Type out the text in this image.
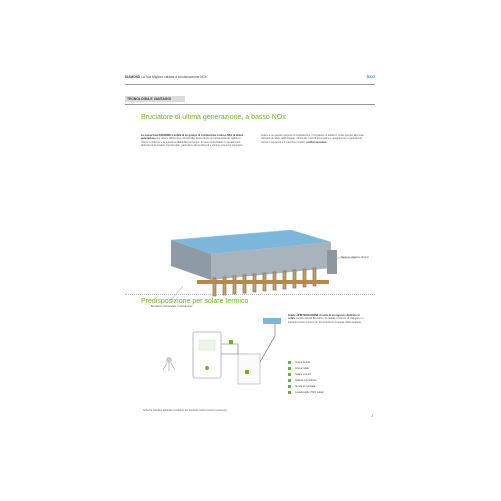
DIAMOND La Sua Migliore caldaia a condensazione NOx	baxi
TECNOLOGIA E VANTAGGI
Bruciatore di ultima generazione, a basso NOx
La nuova linea DIAMOND è dotata di un gruppo di combustione a basso NOx di ultima generazione che unisce efficienza e silenziosità, assicurando un funzionamento stabile in tutte le condizioni e la massima affidabilità nel tempo. Il nuovo scambiatore in acciaio inox, abbinato al bruciatore premiscelato, garantisce alti rendimenti e minime emissioni inquinanti.
Grazie a un elevato rapporto di modulazione, il bruciatore si adatta in modo preciso alla reale richiesta di calore dell'impianto, riducendo i cicli di accensione e spegnimento e garantendo consumi contenuti e il massimo comfort. comfort assoluto.
Tappo in collettore di fumo
Bruciatore premiscelato, in acciaio inox
Predisposizione per solare termico
Grazie all'INTEGRAZIONE di serie di un ingresso dedicato al solare tramite valvola deviatrice, la caldaia consente di collegare un impianto solare termico per la produzione di acqua calda sanitaria.
Acqua fredda
Acqua calda
Solare termico
Valvola miscelatrice
Sonda di mandata
Lavastoviglie (H2O calda)
Schema idraulico abbinato a bollitore per impianto solare termico (esempio)
3
